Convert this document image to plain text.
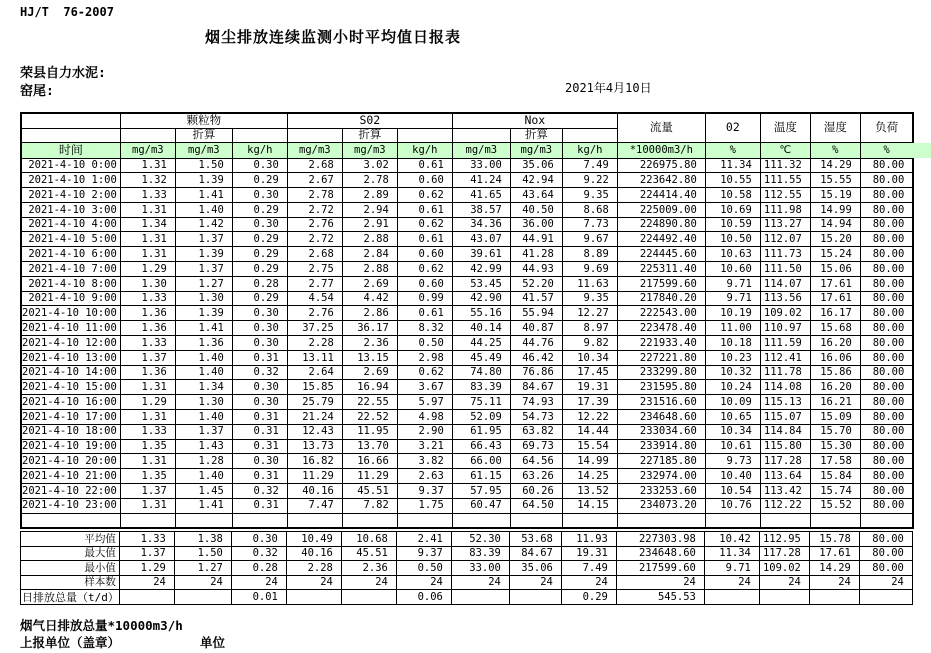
HJ/T  76-2007
烟尘排放连续监测小时平均值日报表
荣县自力水泥:
窑尾:	2021年4月10日
	颗粒物			S02			Nox			流量	02	温度	湿度	负荷
		折算			折算			折算						
时间	mg/m3	mg/m3	kg/h	mg/m3	mg/m3	kg/h	mg/m3	mg/m3	kg/h	*10000m3/h	%	℃	%	%
2021-4-10 0:00	1.31	1.50	0.30	2.68	3.02	0.61	33.00	35.06	7.49	226975.80	11.34	111.32	14.29	80.00
2021-4-10 1:00	1.32	1.39	0.29	2.67	2.78	0.60	41.24	42.94	9.22	223642.80	10.55	111.55	15.55	80.00
2021-4-10 2:00	1.33	1.41	0.30	2.78	2.89	0.62	41.65	43.64	9.35	224414.40	10.58	112.55	15.19	80.00
2021-4-10 3:00	1.31	1.40	0.29	2.72	2.94	0.61	38.57	40.50	8.68	225009.00	10.69	111.98	14.99	80.00
2021-4-10 4:00	1.34	1.42	0.30	2.76	2.91	0.62	34.36	36.00	7.73	224890.80	10.59	113.27	14.94	80.00
2021-4-10 5:00	1.31	1.37	0.29	2.72	2.88	0.61	43.07	44.91	9.67	224492.40	10.50	112.07	15.20	80.00
2021-4-10 6:00	1.31	1.39	0.29	2.68	2.84	0.60	39.61	41.28	8.89	224445.60	10.63	111.73	15.24	80.00
2021-4-10 7:00	1.29	1.37	0.29	2.75	2.88	0.62	42.99	44.93	9.69	225311.40	10.60	111.50	15.06	80.00
2021-4-10 8:00	1.30	1.27	0.28	2.77	2.69	0.60	53.45	52.20	11.63	217599.60	9.71	114.07	17.61	80.00
2021-4-10 9:00	1.33	1.30	0.29	4.54	4.42	0.99	42.90	41.57	9.35	217840.20	9.71	113.56	17.61	80.00
2021-4-10 10:00	1.36	1.39	0.30	2.76	2.86	0.61	55.16	55.94	12.27	222543.00	10.19	109.02	16.17	80.00
2021-4-10 11:00	1.36	1.41	0.30	37.25	36.17	8.32	40.14	40.87	8.97	223478.40	11.00	110.97	15.68	80.00
2021-4-10 12:00	1.33	1.36	0.30	2.28	2.36	0.50	44.25	44.76	9.82	221933.40	10.18	111.59	16.20	80.00
2021-4-10 13:00	1.37	1.40	0.31	13.11	13.15	2.98	45.49	46.42	10.34	227221.80	10.23	112.41	16.06	80.00
2021-4-10 14:00	1.36	1.40	0.32	2.64	2.69	0.62	74.80	76.86	17.45	233299.80	10.32	111.78	15.86	80.00
2021-4-10 15:00	1.31	1.34	0.30	15.85	16.94	3.67	83.39	84.67	19.31	231595.80	10.24	114.08	16.20	80.00
2021-4-10 16:00	1.29	1.30	0.30	25.79	22.55	5.97	75.11	74.93	17.39	231516.60	10.09	115.13	16.21	80.00
2021-4-10 17:00	1.31	1.40	0.31	21.24	22.52	4.98	52.09	54.73	12.22	234648.60	10.65	115.07	15.09	80.00
2021-4-10 18:00	1.33	1.37	0.31	12.43	11.95	2.90	61.95	63.82	14.44	233034.60	10.34	114.84	15.70	80.00
2021-4-10 19:00	1.35	1.43	0.31	13.73	13.70	3.21	66.43	69.73	15.54	233914.80	10.61	115.80	15.30	80.00
2021-4-10 20:00	1.31	1.28	0.30	16.82	16.66	3.82	66.00	64.56	14.99	227185.80	9.73	117.28	17.58	80.00
2021-4-10 21:00	1.35	1.40	0.31	11.29	11.29	2.63	61.15	63.26	14.25	232974.00	10.40	113.64	15.84	80.00
2021-4-10 22:00	1.37	1.45	0.32	40.16	45.51	9.37	57.95	60.26	13.52	233253.60	10.54	113.42	15.74	80.00
2021-4-10 23:00	1.31	1.41	0.31	7.47	7.82	1.75	60.47	64.50	14.15	234073.20	10.76	112.22	15.52	80.00

平均值	1.33	1.38	0.30	10.49	10.68	2.41	52.30	53.68	11.93	227303.98	10.42	112.95	15.78	80.00
最大值	1.37	1.50	0.32	40.16	45.51	9.37	83.39	84.67	19.31	234648.60	11.34	117.28	17.61	80.00
最小值	1.29	1.27	0.28	2.28	2.36	0.50	33.00	35.06	7.49	217599.60	9.71	109.02	14.29	80.00
样本数	24	24	24	24	24	24	24	24	24	24	24	24	24	24
日排放总量（t/d）			0.01			0.06			0.29	545.53				
烟气日排放总量*10000m3/h
上报单位（盖章）	单位
